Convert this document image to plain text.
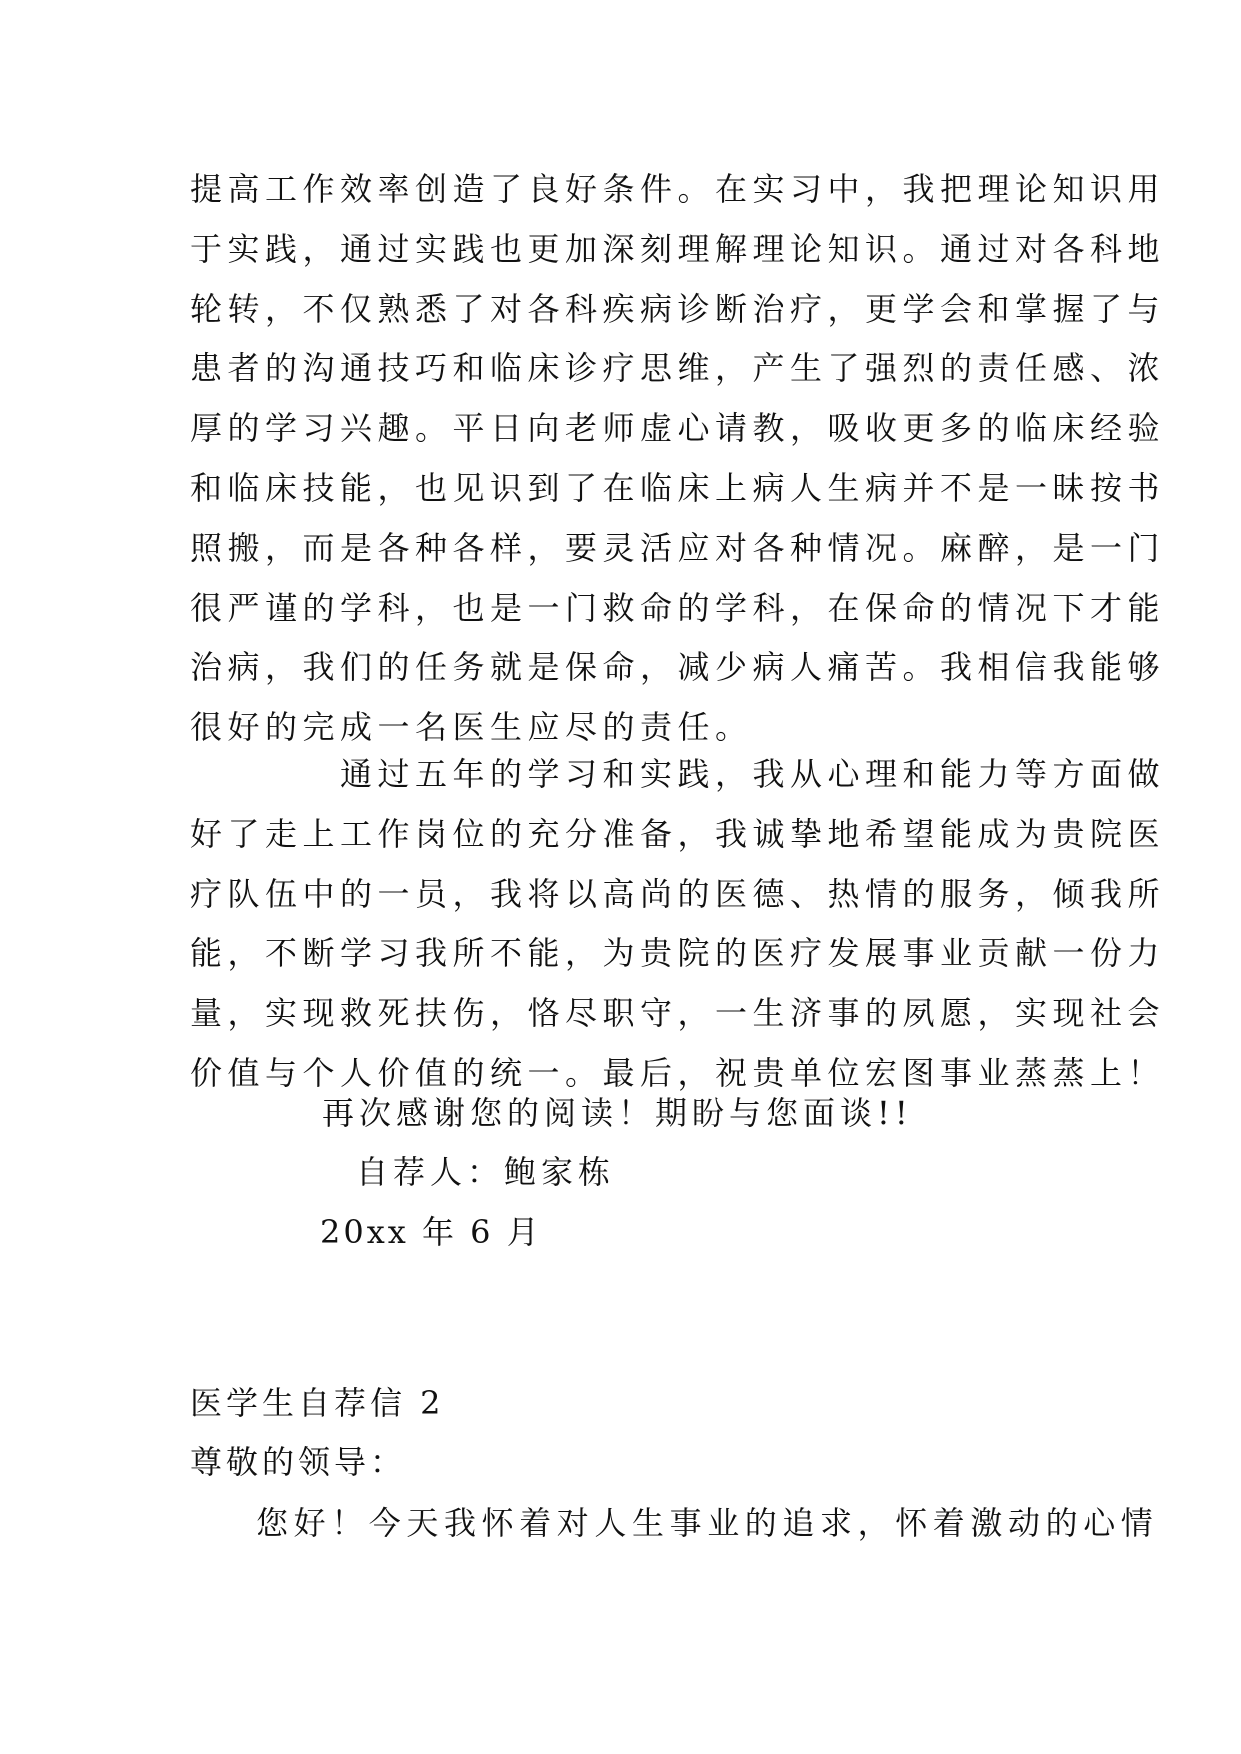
提高工作效率创造了良好条件。在实习中，我把理论知识用
于实践，通过实践也更加深刻理解理论知识。通过对各科地
轮转，不仅熟悉了对各科疾病诊断治疗，更学会和掌握了与
患者的沟通技巧和临床诊疗思维，产生了强烈的责任感、浓
厚的学习兴趣。平日向老师虚心请教，吸收更多的临床经验
和临床技能，也见识到了在临床上病人生病并不是一昧按书
照搬，而是各种各样，要灵活应对各种情况。麻醉，是一门
很严谨的学科，也是一门救命的学科，在保命的情况下才能
治病，我们的任务就是保命，减少病人痛苦。我相信我能够
很好的完成一名医生应尽的责任。
　　　　通过五年的学习和实践，我从心理和能力等方面做
好了走上工作岗位的充分准备，我诚挚地希望能成为贵院医
疗队伍中的一员，我将以高尚的医德、热情的服务，倾我所
能，不断学习我所不能，为贵院的医疗发展事业贡献一份力
量，实现救死扶伤，恪尽职守，一生济事的夙愿，实现社会
价值与个人价值的统一。最后，祝贵单位宏图事业蒸蒸上！
再次感谢您的阅读！期盼与您面谈!!
自荐人：鲍家栋
20xx 年 6 月
医学生自荐信 2
尊敬的领导：
您好！今天我怀着对人生事业的追求，怀着激动的心情
